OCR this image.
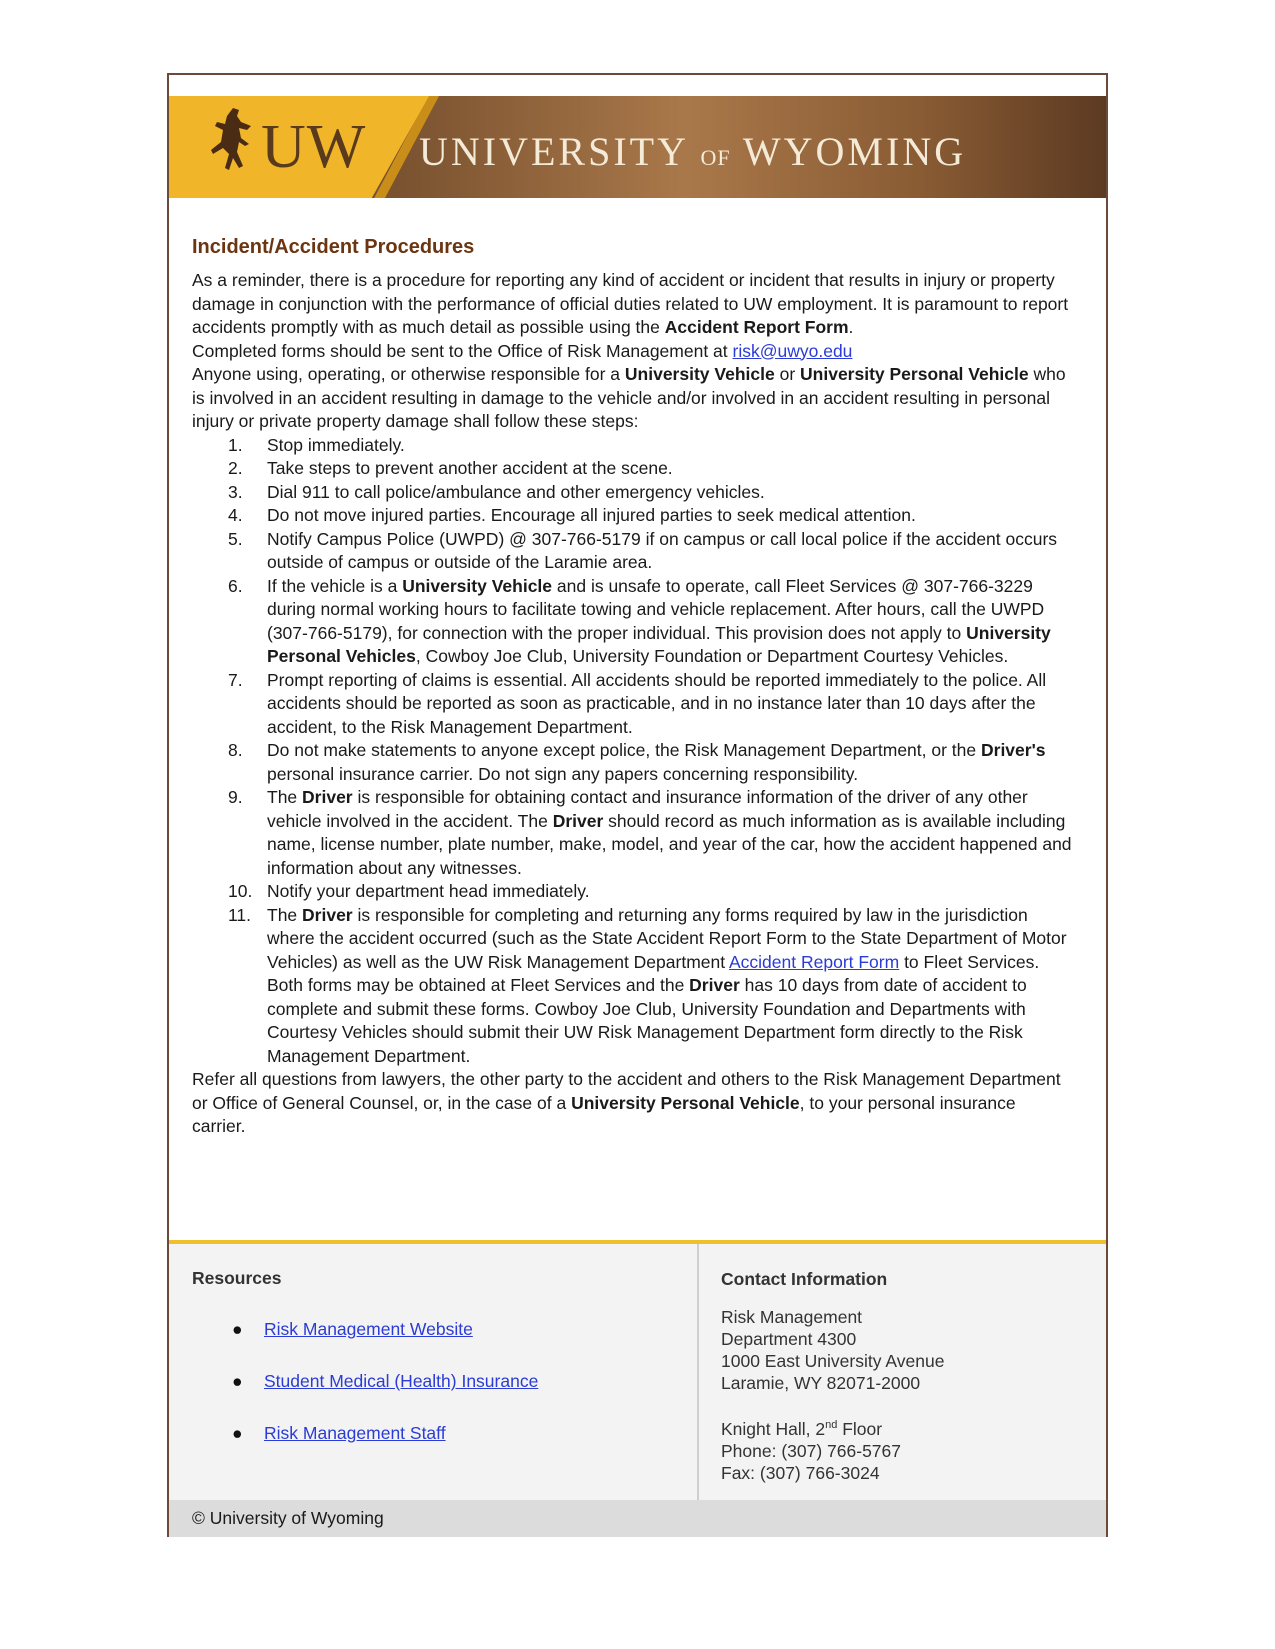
UW UNIVERSITY OF WYOMING
Incident/Accident Procedures

As a reminder, there is a procedure for reporting any kind of accident or incident that results in injury or property damage in conjunction with the performance of official duties related to UW employment. It is paramount to report accidents promptly with as much detail as possible using the Accident Report Form.

Completed forms should be sent to the Office of Risk Management at risk@uwyo.edu

Anyone using, operating, or otherwise responsible for a University Vehicle or University Personal Vehicle who is involved in an accident resulting in damage to the vehicle and/or involved in an accident resulting in personal injury or private property damage shall follow these steps:

1. Stop immediately.
2. Take steps to prevent another accident at the scene.
3. Dial 911 to call police/ambulance and other emergency vehicles.
4. Do not move injured parties. Encourage all injured parties to seek medical attention.
5. Notify Campus Police (UWPD) @ 307-766-5179 if on campus or call local police if the accident occurs outside of campus or outside of the Laramie area.
6. If the vehicle is a University Vehicle and is unsafe to operate, call Fleet Services @ 307-766-3229 during normal working hours to facilitate towing and vehicle replacement. After hours, call the UWPD (307-766-5179), for connection with the proper individual. This provision does not apply to University Personal Vehicles, Cowboy Joe Club, University Foundation or Department Courtesy Vehicles.
7. Prompt reporting of claims is essential. All accidents should be reported immediately to the police. All accidents should be reported as soon as practicable, and in no instance later than 10 days after the accident, to the Risk Management Department.
8. Do not make statements to anyone except police, the Risk Management Department, or the Driver's personal insurance carrier. Do not sign any papers concerning responsibility.
9. The Driver is responsible for obtaining contact and insurance information of the driver of any other vehicle involved in the accident. The Driver should record as much information as is available including name, license number, plate number, make, model, and year of the car, how the accident happened and information about any witnesses.
10. Notify your department head immediately.
11. The Driver is responsible for completing and returning any forms required by law in the jurisdiction where the accident occurred (such as the State Accident Report Form to the State Department of Motor Vehicles) as well as the UW Risk Management Department Accident Report Form to Fleet Services. Both forms may be obtained at Fleet Services and the Driver has 10 days from date of accident to complete and submit these forms. Cowboy Joe Club, University Foundation and Departments with Courtesy Vehicles should submit their UW Risk Management Department form directly to the Risk Management Department.

Refer all questions from lawyers, the other party to the accident and others to the Risk Management Department or Office of General Counsel, or, in the case of a University Personal Vehicle, to your personal insurance carrier.

Resources
● Risk Management Website
● Student Medical (Health) Insurance
● Risk Management Staff
Contact Information
Risk Management
Department 4300
1000 East University Avenue
Laramie, WY 82071-2000
Knight Hall, 2nd Floor
Phone: (307) 766-5767
Fax: (307) 766-3024
© University of Wyoming
